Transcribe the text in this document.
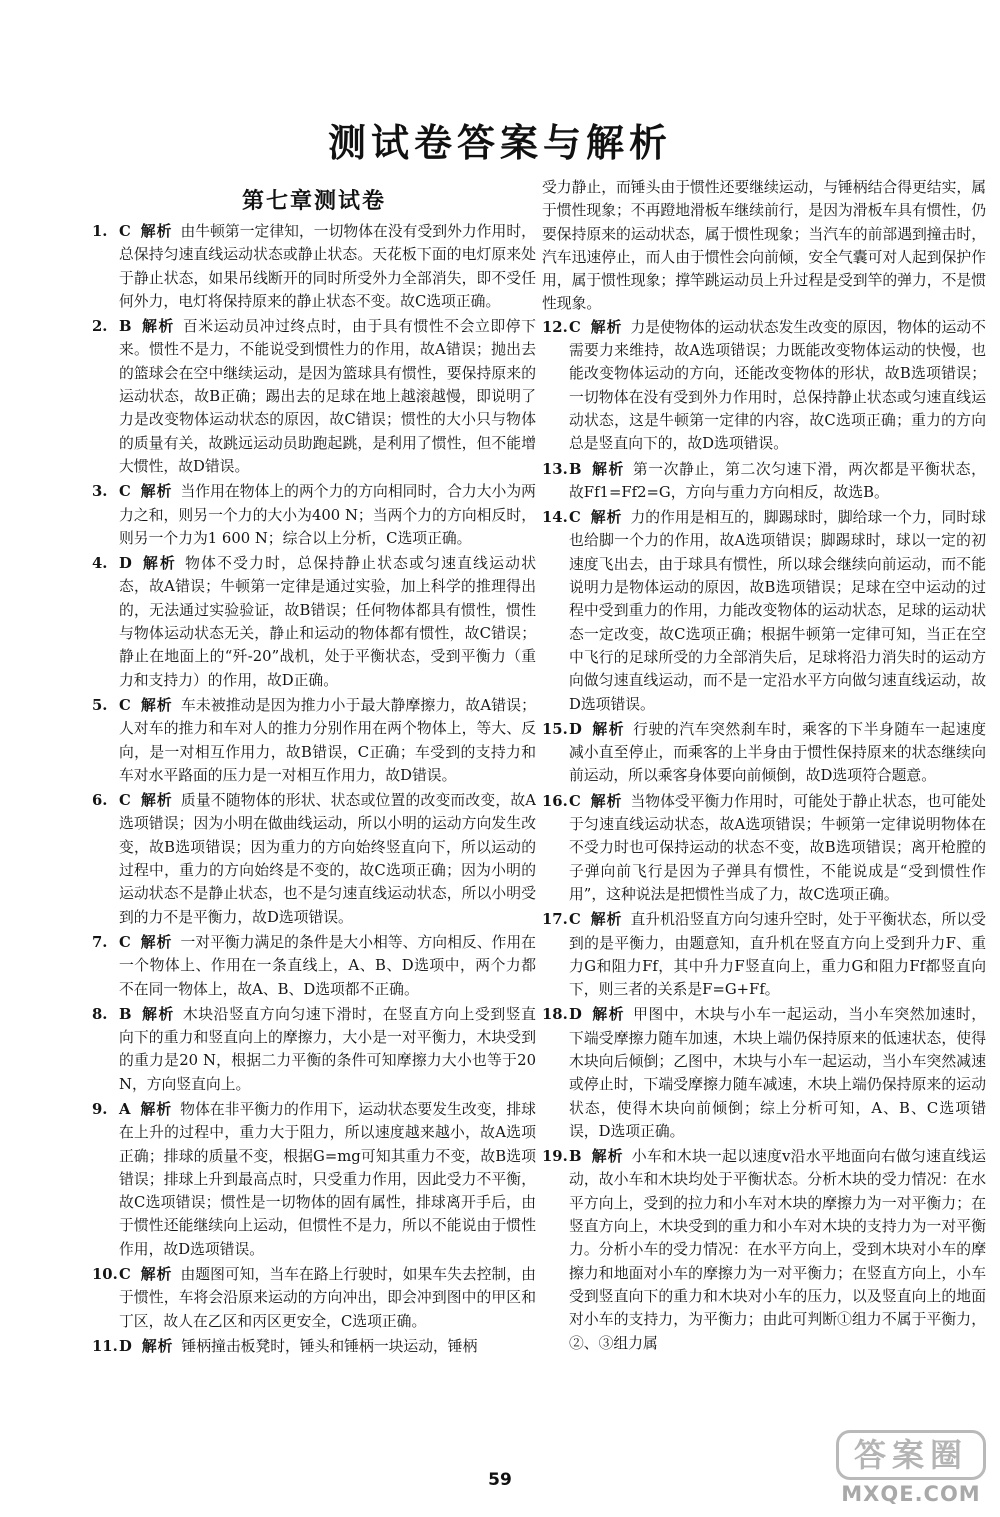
测试卷答案与解析
第七章测试卷

1. C 解析 由牛顿第一定律知，一切物体在没有受到外力作用时，总保持匀速直线运动状态或静止状态。天花板下面的电灯原来处于静止状态，如果吊线断开的同时所受外力全部消失，即不受任何外力，电灯将保持原来的静止状态不变。故C选项正确。

2. B 解析 百米运动员冲过终点时，由于具有惯性不会立即停下来。惯性不是力，不能说受到惯性力的作用，故A错误；抛出去的篮球会在空中继续运动，是因为篮球具有惯性，要保持原来的运动状态，故B正确；踢出去的足球在地上越滚越慢，即说明了力是改变物体运动状态的原因，故C错误；惯性的大小只与物体的质量有关，故跳远运动员助跑起跳，是利用了惯性，但不能增大惯性，故D错误。

3. C 解析 当作用在物体上的两个力的方向相同时，合力大小为两力之和，则另一个力的大小为400 N；当两个力的方向相反时，则另一个力为1 600 N；综合以上分析，C选项正确。

4. D 解析 物体不受力时，总保持静止状态或匀速直线运动状态，故A错误；牛顿第一定律是通过实验，加上科学的推理得出的，无法通过实验验证，故B错误；任何物体都具有惯性，惯性与物体运动状态无关，静止和运动的物体都有惯性，故C错误；静止在地面上的“歼-20”战机，处于平衡状态，受到平衡力（重力和支持力）的作用，故D正确。

5. C 解析 车未被推动是因为推力小于最大静摩擦力，故A错误；人对车的推力和车对人的推力分别作用在两个物体上，等大、反向，是一对相互作用力，故B错误，C正确；车受到的支持力和车对水平路面的压力是一对相互作用力，故D错误。

6. C 解析 质量不随物体的形状、状态或位置的改变而改变，故A选项错误；因为小明在做曲线运动，所以小明的运动方向发生改变，故B选项错误；因为重力的方向始终竖直向下，所以运动的过程中，重力的方向始终是不变的，故C选项正确；因为小明的运动状态不是静止状态，也不是匀速直线运动状态，所以小明受到的力不是平衡力，故D选项错误。

7. C 解析 一对平衡力满足的条件是大小相等、方向相反、作用在一个物体上、作用在一条直线上，A、B、D选项中，两个力都不在同一物体上，故A、B、D选项都不正确。

8. B 解析 木块沿竖直方向匀速下滑时，在竖直方向上受到竖直向下的重力和竖直向上的摩擦力，大小是一对平衡力，木块受到的重力是20 N，根据二力平衡的条件可知摩擦力大小也等于20 N，方向竖直向上。

9. A 解析 物体在非平衡力的作用下，运动状态要发生改变，排球在上升的过程中，重力大于阻力，所以速度越来越小，故A选项正确；排球的质量不变，根据G=mg可知其重力不变，故B选项错误；排球上升到最高点时，只受重力作用，因此受力不平衡，故C选项错误；惯性是一切物体的固有属性，排球离开手后，由于惯性还能继续向上运动，但惯性不是力，所以不能说由于惯性作用，故D选项错误。

10. C 解析 由题图可知，当车在路上行驶时，如果车失去控制，由于惯性，车将会沿原来运动的方向冲出，即会冲到图中的甲区和丁区，故人在乙区和丙区更安全，C选项正确。

11. D 解析 锤柄撞击板凳时，锤头和锤柄一块运动，锤柄

受力静止，而锤头由于惯性还要继续运动，与锤柄结合得更结实，属于惯性现象；不再蹬地滑板车继续前行，是因为滑板车具有惯性，仍要保持原来的运动状态，属于惯性现象；当汽车的前部遇到撞击时，汽车迅速停止，而人由于惯性会向前倾，安全气囊可对人起到保护作用，属于惯性现象；撑竿跳运动员上升过程是受到竿的弹力，不是惯性现象。

12. C 解析 力是使物体的运动状态发生改变的原因，物体的运动不需要力来维持，故A选项错误；力既能改变物体运动的快慢，也能改变物体运动的方向，还能改变物体的形状，故B选项错误；一切物体在没有受到外力作用时，总保持静止状态或匀速直线运动状态，这是牛顿第一定律的内容，故C选项正确；重力的方向总是竖直向下的，故D选项错误。

13. B 解析 第一次静止，第二次匀速下滑，两次都是平衡状态，故Ff1=Ff2=G，方向与重力方向相反，故选B。

14. C 解析 力的作用是相互的，脚踢球时，脚给球一个力，同时球也给脚一个力的作用，故A选项错误；脚踢球时，球以一定的初速度飞出去，由于球具有惯性，所以球会继续向前运动，而不能说明力是物体运动的原因，故B选项错误；足球在空中运动的过程中受到重力的作用，力能改变物体的运动状态，足球的运动状态一定改变，故C选项正确；根据牛顿第一定律可知，当正在空中飞行的足球所受的力全部消失后，足球将沿力消失时的运动方向做匀速直线运动，而不是一定沿水平方向做匀速直线运动，故D选项错误。

15. D 解析 行驶的汽车突然刹车时，乘客的下半身随车一起速度减小直至停止，而乘客的上半身由于惯性保持原来的状态继续向前运动，所以乘客身体要向前倾倒，故D选项符合题意。

16. C 解析 当物体受平衡力作用时，可能处于静止状态，也可能处于匀速直线运动状态，故A选项错误；牛顿第一定律说明物体在不受力时也可保持运动的状态不变，故B选项错误；离开枪膛的子弹向前飞行是因为子弹具有惯性，不能说成是“受到惯性作用”，这种说法是把惯性当成了力，故C选项正确。

17. C 解析 直升机沿竖直方向匀速升空时，处于平衡状态，所以受到的是平衡力，由题意知，直升机在竖直方向上受到升力F、重力G和阻力Ff，其中升力F竖直向上，重力G和阻力Ff都竖直向下，则三者的关系是F=G+Ff。

18. D 解析 甲图中，木块与小车一起运动，当小车突然加速时，下端受摩擦力随车加速，木块上端仍保持原来的低速状态，使得木块向后倾倒；乙图中，木块与小车一起运动，当小车突然减速或停止时，下端受摩擦力随车减速，木块上端仍保持原来的运动状态，使得木块向前倾倒；综上分析可知，A、B、C选项错误，D选项正确。

19. B 解析 小车和木块一起以速度v沿水平地面向右做匀速直线运动，故小车和木块均处于平衡状态。分析木块的受力情况：在水平方向上，受到的拉力和小车对木块的摩擦力为一对平衡力；在竖直方向上，木块受到的重力和小车对木块的支持力为一对平衡力。分析小车的受力情况：在水平方向上，受到木块对小车的摩擦力和地面对小车的摩擦力为一对平衡力；在竖直方向上，小车受到竖直向下的重力和木块对小车的压力，以及竖直向上的地面对小车的支持力，为平衡力；由此可判断①组力不属于平衡力，②、③组力属

59
答案圈
MXQE.COM
